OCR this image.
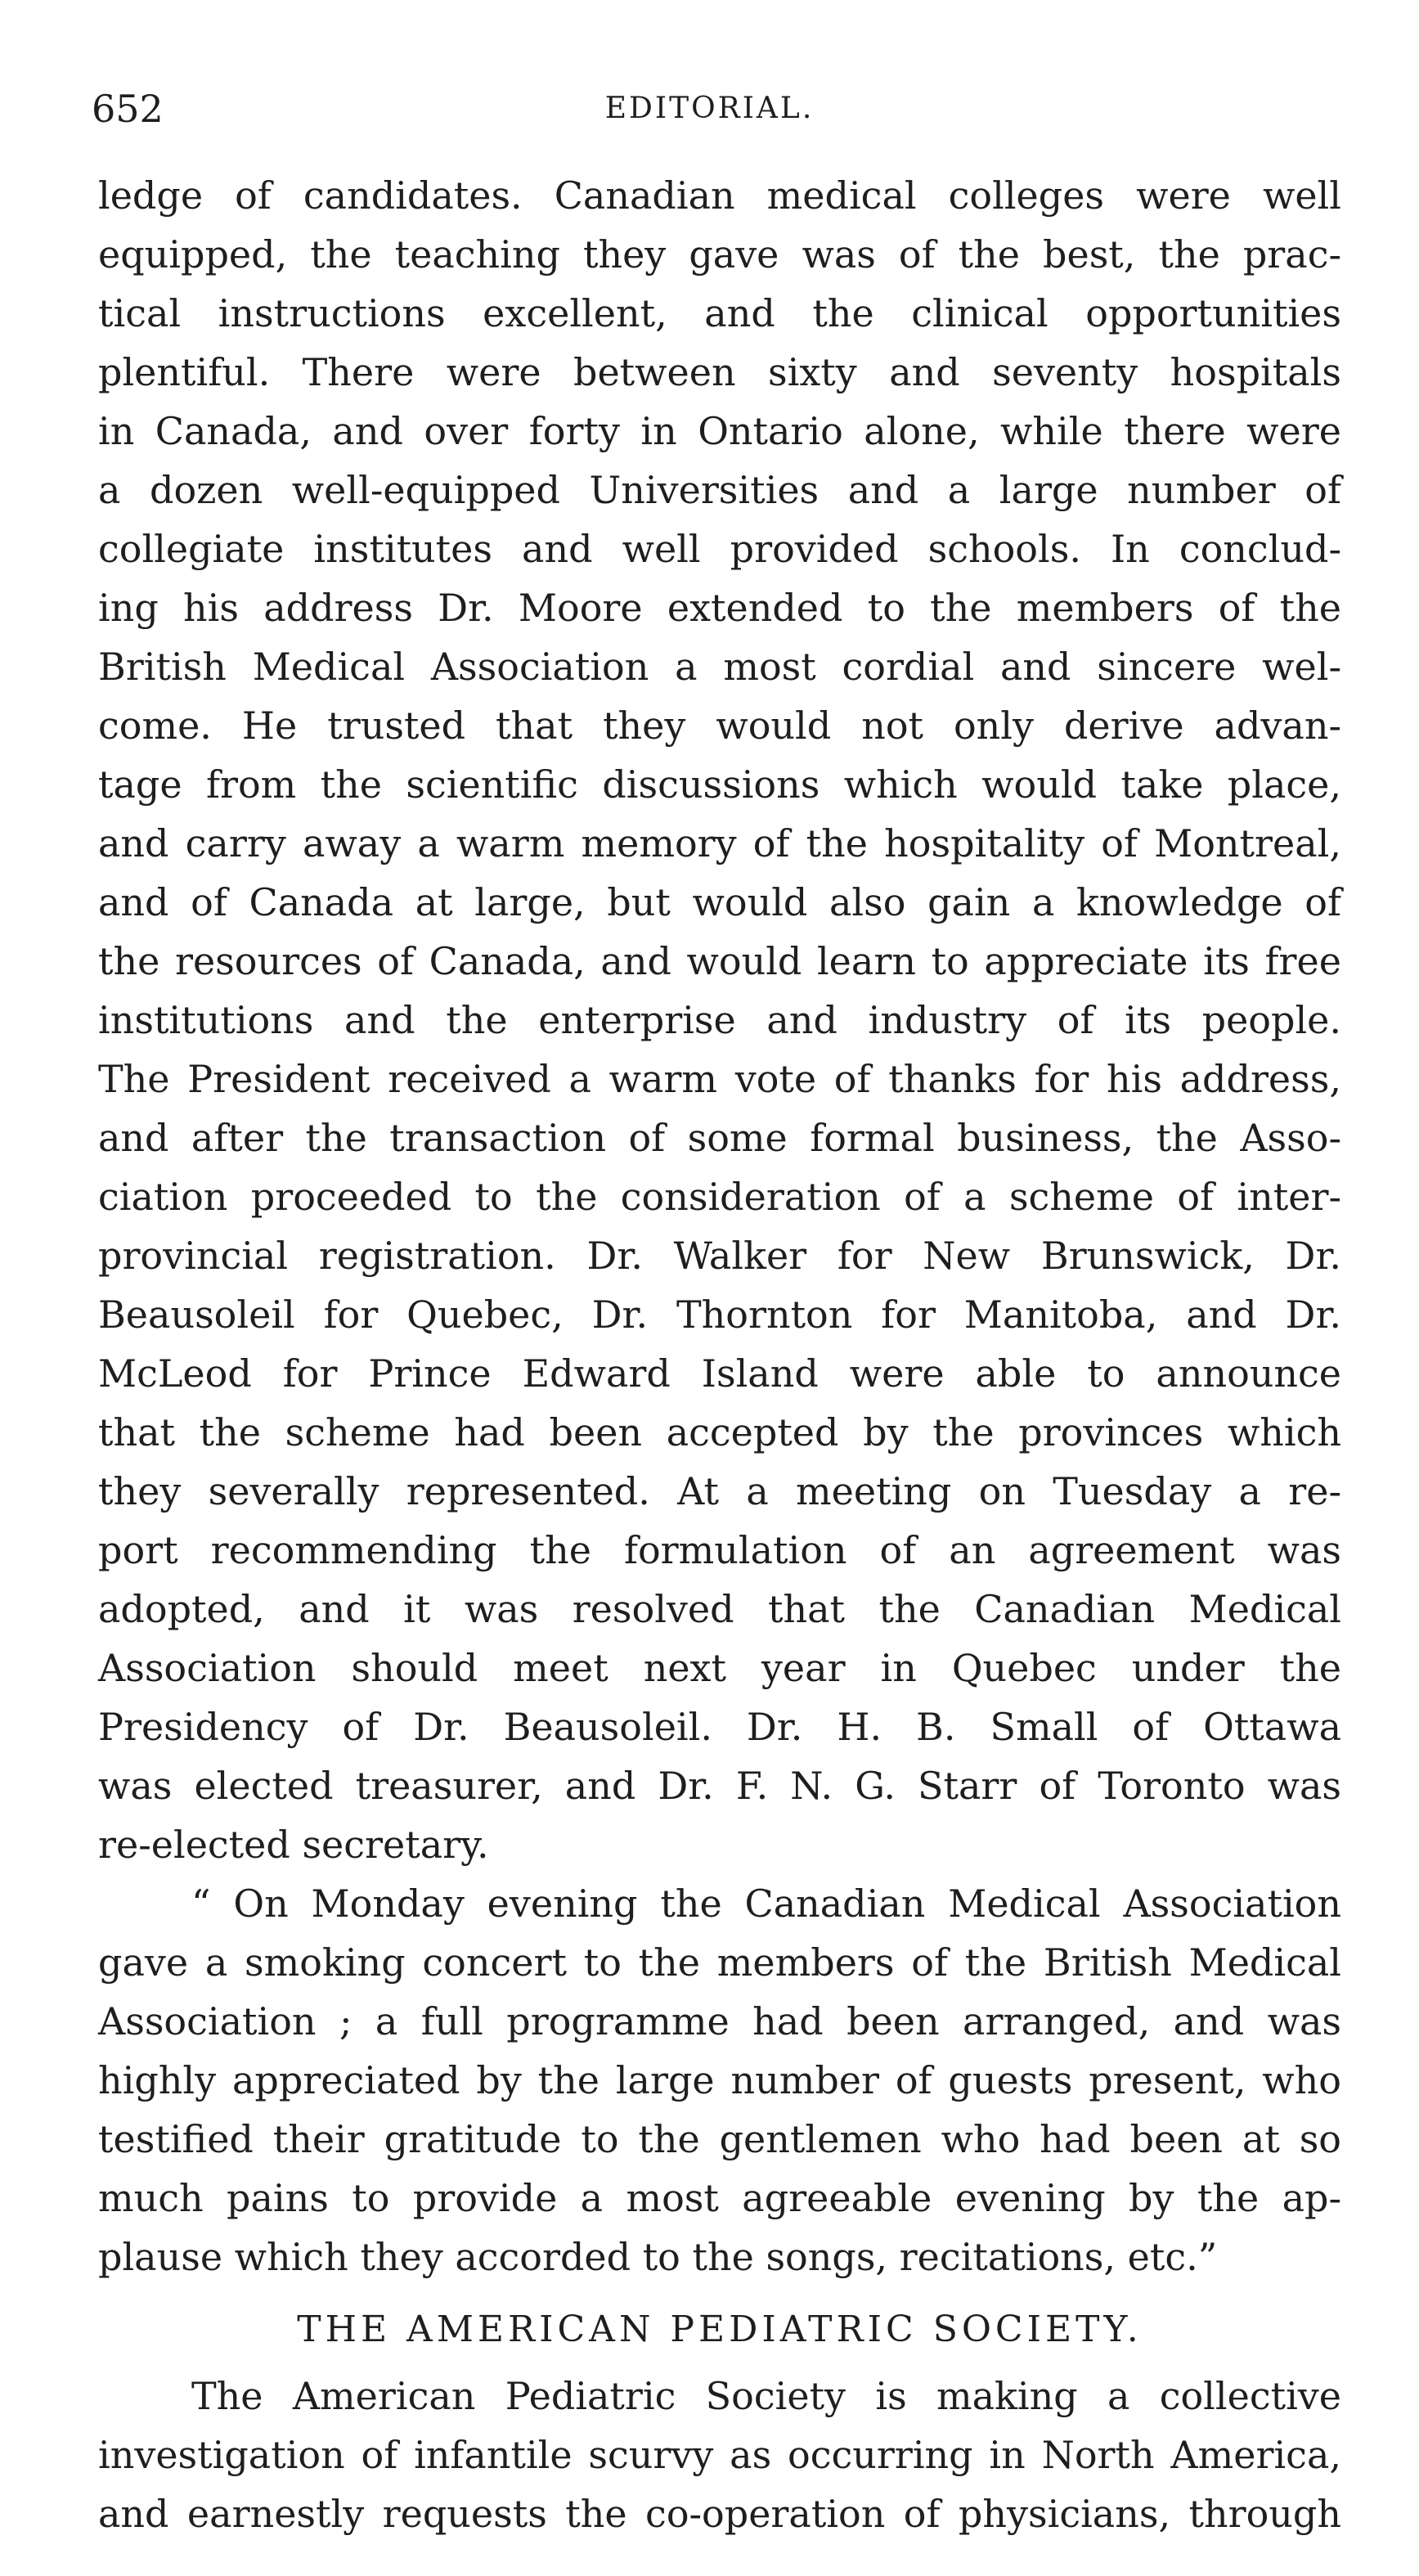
652	EDITORIAL.
ledge of candidates. Canadian medical colleges were well
equipped, the teaching they gave was of the best, the prac-
tical instructions excellent, and the clinical opportunities
plentiful. There were between sixty and seventy hospitals
in Canada, and over forty in Ontario alone, while there were
a dozen well-equipped Universities and a large number of
collegiate institutes and well provided schools. In conclud-
ing his address Dr. Moore extended to the members of the
British Medical Association a most cordial and sincere wel-
come. He trusted that they would not only derive advan-
tage from the scientific discussions which would take place,
and carry away a warm memory of the hospitality of Montreal,
and of Canada at large, but would also gain a knowledge of
the resources of Canada, and would learn to appreciate its free
institutions and the enterprise and industry of its people.
The President received a warm vote of thanks for his address,
and after the transaction of some formal business, the Asso-
ciation proceeded to the consideration of a scheme of inter-
provincial registration. Dr. Walker for New Brunswick, Dr.
Beausoleil for Quebec, Dr. Thornton for Manitoba, and Dr.
McLeod for Prince Edward Island were able to announce
that the scheme had been accepted by the provinces which
they severally represented. At a meeting on Tuesday a re-
port recommending the formulation of an agreement was
adopted, and it was resolved that the Canadian Medical
Association should meet next year in Quebec under the
Presidency of Dr. Beausoleil. Dr. H. B. Small of Ottawa
was elected treasurer, and Dr. F. N. G. Starr of Toronto was
re-elected secretary.
“ On Monday evening the Canadian Medical Association
gave a smoking concert to the members of the British Medical
Association ; a full programme had been arranged, and was
highly appreciated by the large number of guests present, who
testified their gratitude to the gentlemen who had been at so
much pains to provide a most agreeable evening by the ap-
plause which they accorded to the songs, recitations, etc.”
THE AMERICAN PEDIATRIC SOCIETY.
The American Pediatric Society is making a collective
investigation of infantile scurvy as occurring in North America,
and earnestly requests the co-operation of physicians, through
